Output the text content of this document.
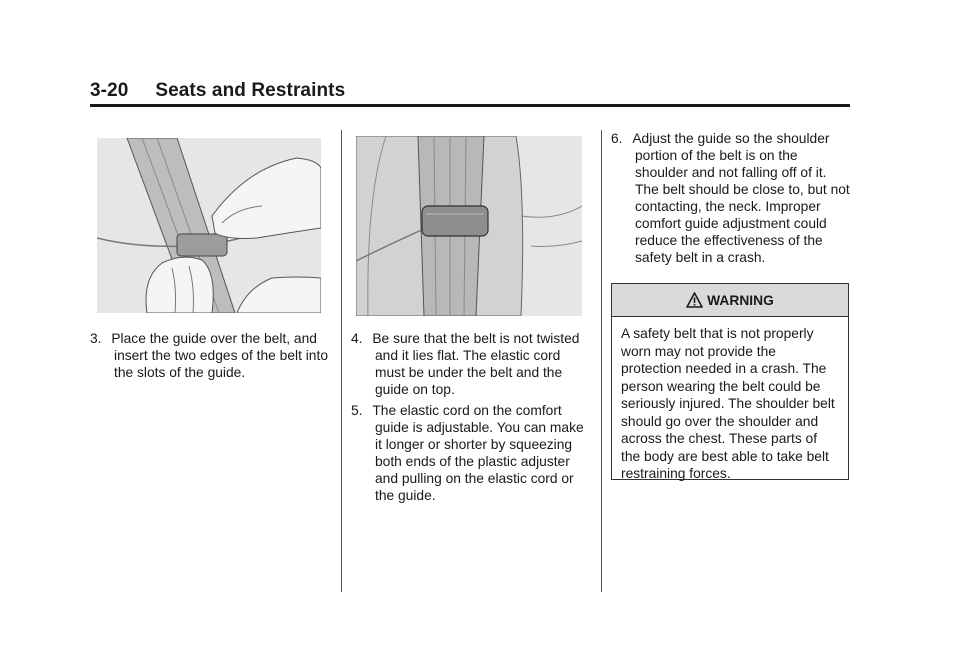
3-20     Seats and Restraints
3. Place the guide over the belt, and insert the two edges of the belt into the slots of the guide.
4. Be sure that the belt is not twisted and it lies flat. The elastic cord must be under the belt and the guide on top.
5. The elastic cord on the comfort guide is adjustable. You can make it longer or shorter by squeezing both ends of the plastic adjuster and pulling on the elastic cord or the guide.
6. Adjust the guide so the shoulder portion of the belt is on the shoulder and not falling off of it. The belt should be close to, but not contacting, the neck. Improper comfort guide adjustment could reduce the effectiveness of the safety belt in a crash.
WARNING
A safety belt that is not properly worn may not provide the protection needed in a crash. The person wearing the belt could be seriously injured. The shoulder belt should go over the shoulder and across the chest. These parts of the body are best able to take belt restraining forces.
